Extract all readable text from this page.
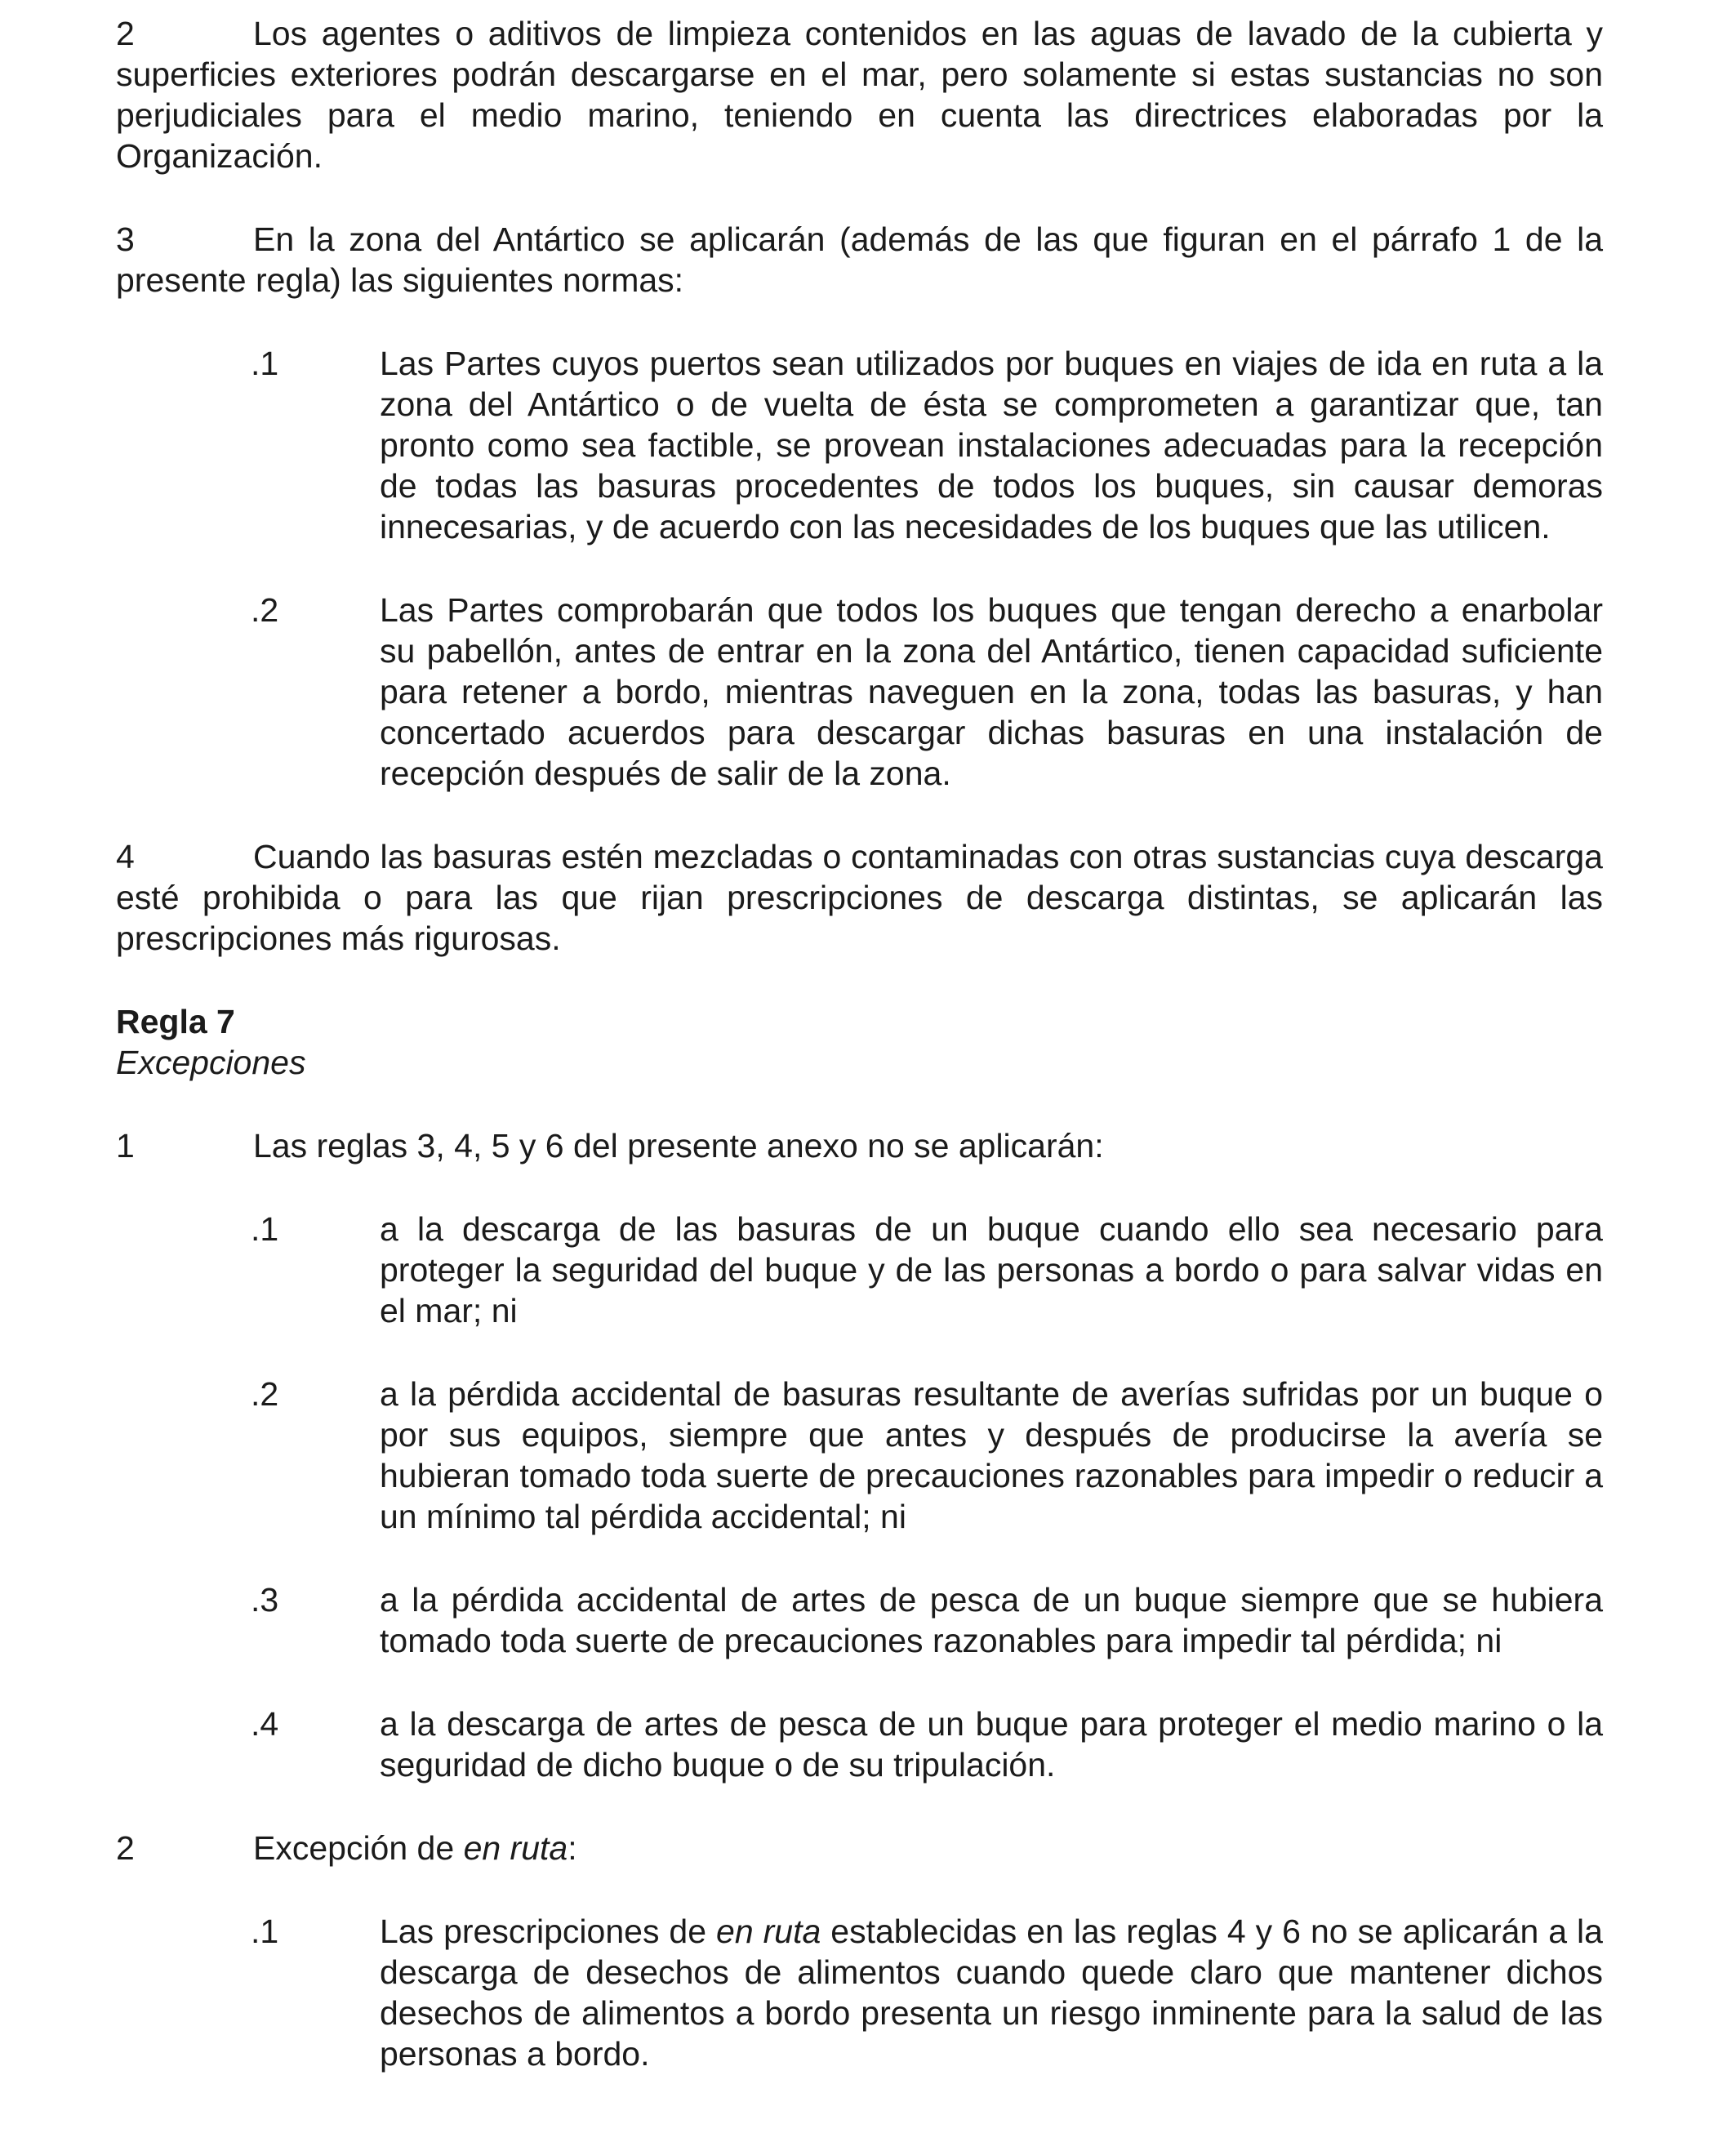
2	Los agentes o aditivos de limpieza contenidos en las aguas de lavado de la cubierta y superficies exteriores podrán descargarse en el mar, pero solamente si estas sustancias no son perjudiciales para el medio marino, teniendo en cuenta las directrices elaboradas por la Organización.

3	En la zona del Antártico se aplicarán (además de las que figuran en el párrafo 1 de la presente regla) las siguientes normas:

.1	Las Partes cuyos puertos sean utilizados por buques en viajes de ida en ruta a la zona del Antártico o de vuelta de ésta se comprometen a garantizar que, tan pronto como sea factible, se provean instalaciones adecuadas para la recepción de todas las basuras procedentes de todos los buques, sin causar demoras innecesarias, y de acuerdo con las necesidades de los buques que las utilicen.
.2	Las Partes comprobarán que todos los buques que tengan derecho a enarbolar su pabellón, antes de entrar en la zona del Antártico, tienen capacidad suficiente para retener a bordo, mientras naveguen en la zona, todas las basuras, y han concertado acuerdos para descargar dichas basuras en una instalación de recepción después de salir de la zona.

4	Cuando las basuras estén mezcladas o contaminadas con otras sustancias cuya descarga esté prohibida o para las que rijan prescripciones de descarga distintas, se aplicarán las prescripciones más rigurosas.

Regla 7
Excepciones

1	Las reglas 3, 4, 5 y 6 del presente anexo no se aplicarán:

.1	a la descarga de las basuras de un buque cuando ello sea necesario para proteger la seguridad del buque y de las personas a bordo o para salvar vidas en el mar; ni
.2	a la pérdida accidental de basuras resultante de averías sufridas por un buque o por sus equipos, siempre que antes y después de producirse la avería se hubieran tomado toda suerte de precauciones razonables para impedir o reducir a un mínimo tal pérdida accidental; ni
.3	a la pérdida accidental de artes de pesca de un buque siempre que se hubiera tomado toda suerte de precauciones razonables para impedir tal pérdida; ni
.4	a la descarga de artes de pesca de un buque para proteger el medio marino o la seguridad de dicho buque o de su tripulación.

2	Excepción de en ruta:

.1	Las prescripciones de en ruta establecidas en las reglas 4 y 6 no se aplicarán a la descarga de desechos de alimentos cuando quede claro que mantener dichos desechos de alimentos a bordo presenta un riesgo inminente para la salud de las personas a bordo.
